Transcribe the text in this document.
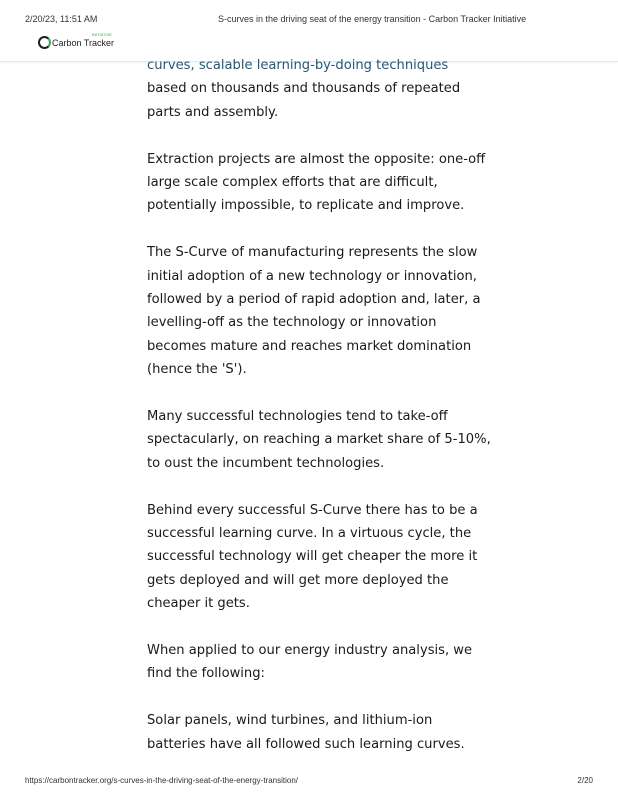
2/20/23, 11:51 AM	S-curves in the driving seat of the energy transition - Carbon Tracker Initiative
Carbon Tracker
INITIATIVE

curves, scalable learning-by-doing techniques
based on thousands and thousands of repeated
parts and assembly.

Extraction projects are almost the opposite: one-off
large scale complex efforts that are difficult,
potentially impossible, to replicate and improve.

The S-Curve of manufacturing represents the slow
initial adoption of a new technology or innovation,
followed by a period of rapid adoption and, later, a
levelling-off as the technology or innovation
becomes mature and reaches market domination
(hence the 'S').

Many successful technologies tend to take-off
spectacularly, on reaching a market share of 5-10%,
to oust the incumbent technologies.

Behind every successful S-Curve there has to be a
successful learning curve. In a virtuous cycle, the
successful technology will get cheaper the more it
gets deployed and will get more deployed the
cheaper it gets.

When applied to our energy industry analysis, we
find the following:

Solar panels, wind turbines, and lithium-ion
batteries have all followed such learning curves.

https://carbontracker.org/s-curves-in-the-driving-seat-of-the-energy-transition/	2/20
